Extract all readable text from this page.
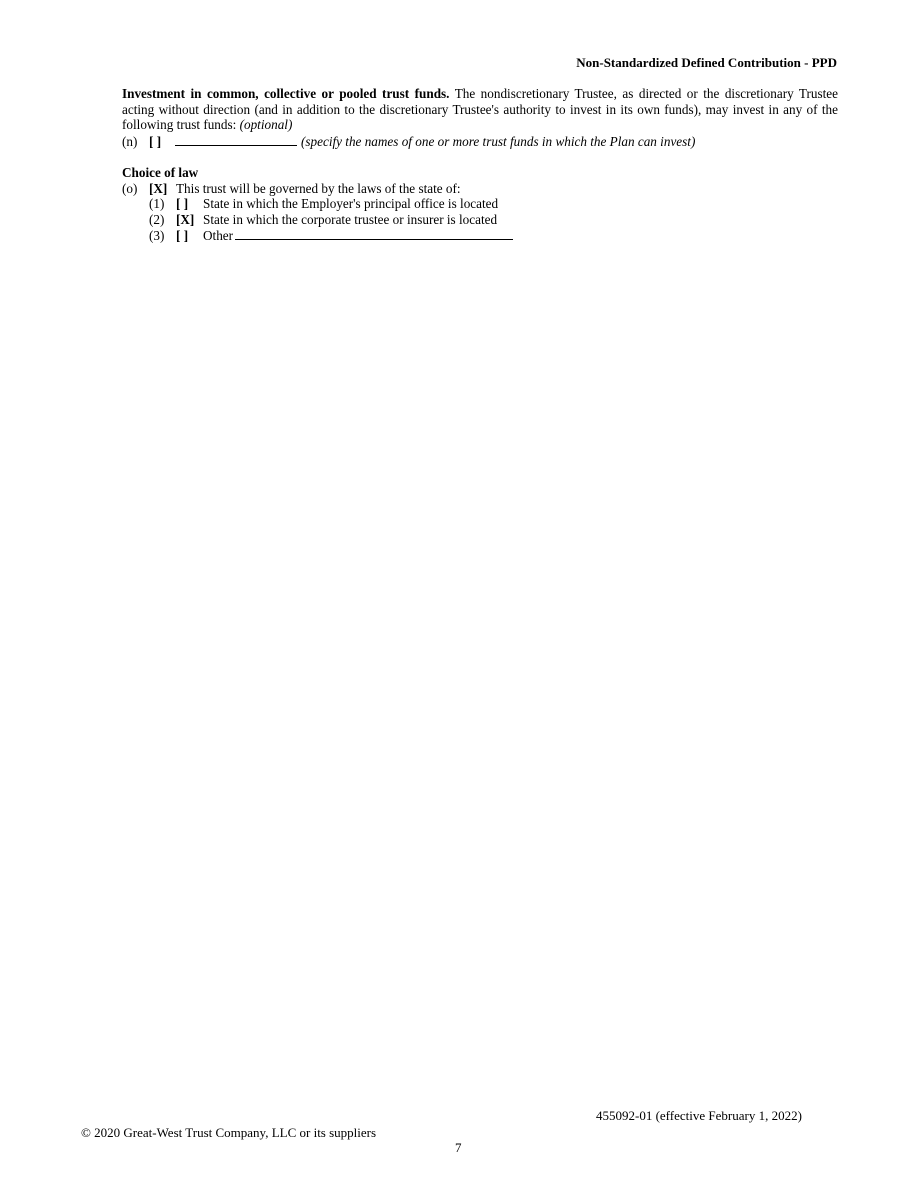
Non-Standardized Defined Contribution - PPD

Investment in common, collective or pooled trust funds. The nondiscretionary Trustee, as directed or the discretionary Trustee acting without direction (and in addition to the discretionary Trustee's authority to invest in its own funds), may invest in any of the following trust funds: (optional)

(n) [ ]	(specify the names of one or more trust funds in which the Plan can invest)
Choice of law
(o) [X] This trust will be governed by the laws of the state of:
(1) [ ]	State in which the Employer's principal office is located
(2) [X] State in which the corporate trustee or insurer is located
(3) [ ]	Other
455092-01 (effective February 1, 2022)
© 2020 Great-West Trust Company, LLC or its suppliers
7
